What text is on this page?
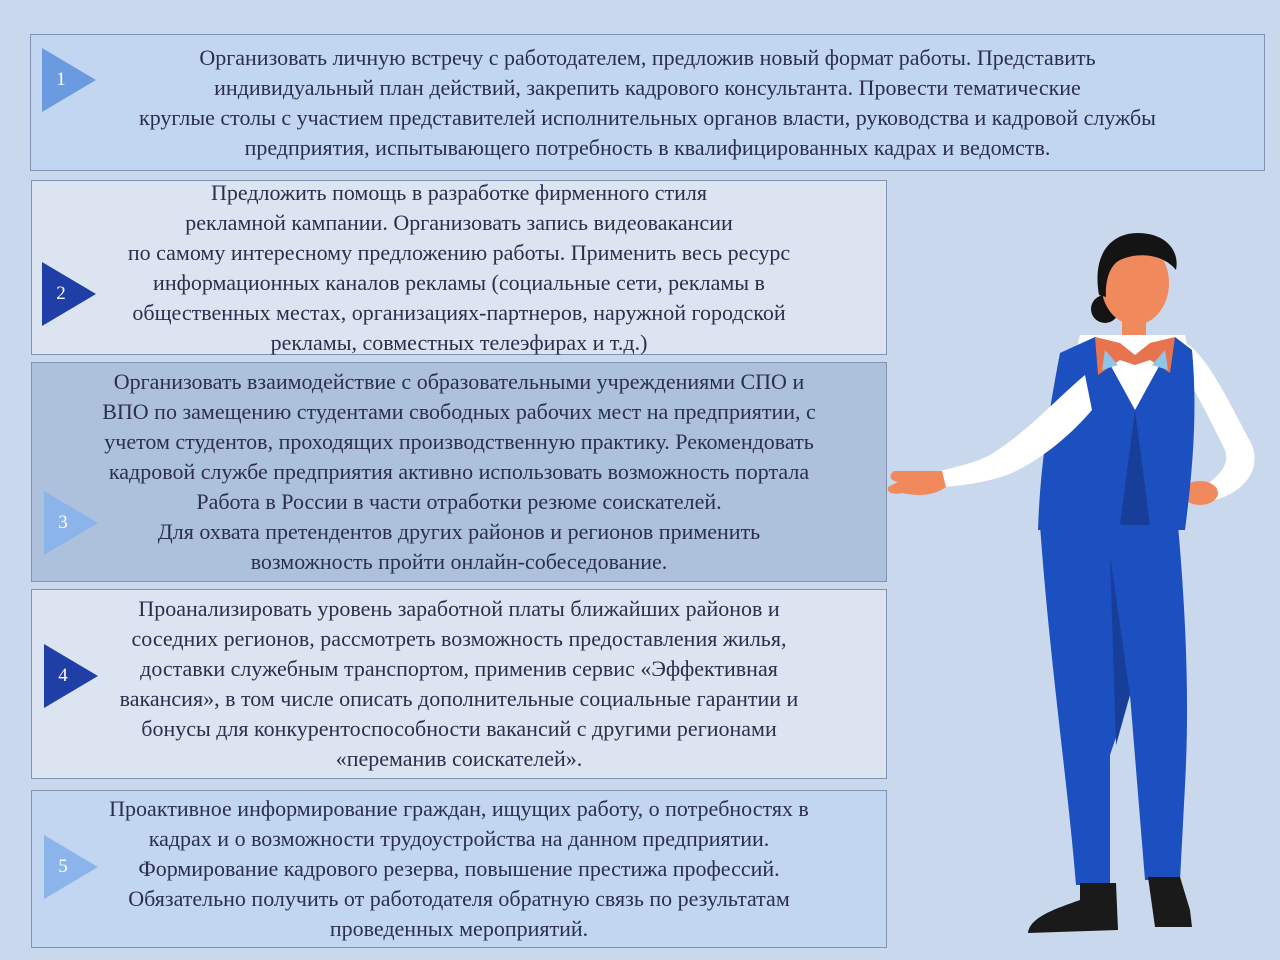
Организовать личную встречу с работодателем, предложив новый формат работы. Представить
индивидуальный план действий, закрепить кадрового консультанта. Провести тематические
круглые столы с участием представителей исполнительных органов власти, руководства и кадровой службы
предприятия, испытывающего потребность в квалифицированных кадрах и ведомств.
Предложить помощь в разработке фирменного стиля
рекламной кампании. Организовать запись видеовакансии
по самому интересному предложению работы. Применить весь ресурс
информационных каналов рекламы (социальные сети, рекламы в
общественных местах, организациях-партнеров, наружной городской
рекламы, совместных телеэфирах и т.д.)
Организовать взаимодействие с образовательными учреждениями СПО и
ВПО по замещению студентами свободных рабочих мест на предприятии, с
учетом студентов, проходящих производственную практику. Рекомендовать
кадровой службе предприятия активно использовать возможность портала
Работа в России в части отработки резюме соискателей.
Для охвата претендентов других районов и регионов применить
возможность пройти онлайн-собеседование.
Проанализировать уровень заработной платы ближайших районов и
соседних регионов, рассмотреть возможность предоставления жилья,
доставки служебным транспортом, применив сервис «Эффективная
вакансия», в том числе описать дополнительные социальные гарантии и
бонусы для конкурентоспособности вакансий с другими регионами
«переманив соискателей».
Проактивное информирование граждан, ищущих работу, о потребностях в
кадрах и о возможности трудоустройства на данном предприятии.
Формирование кадрового резерва, повышение престижа профессий.
Обязательно получить от работодателя обратную связь по результатам
проведенных мероприятий.
1
2
3
4
5
